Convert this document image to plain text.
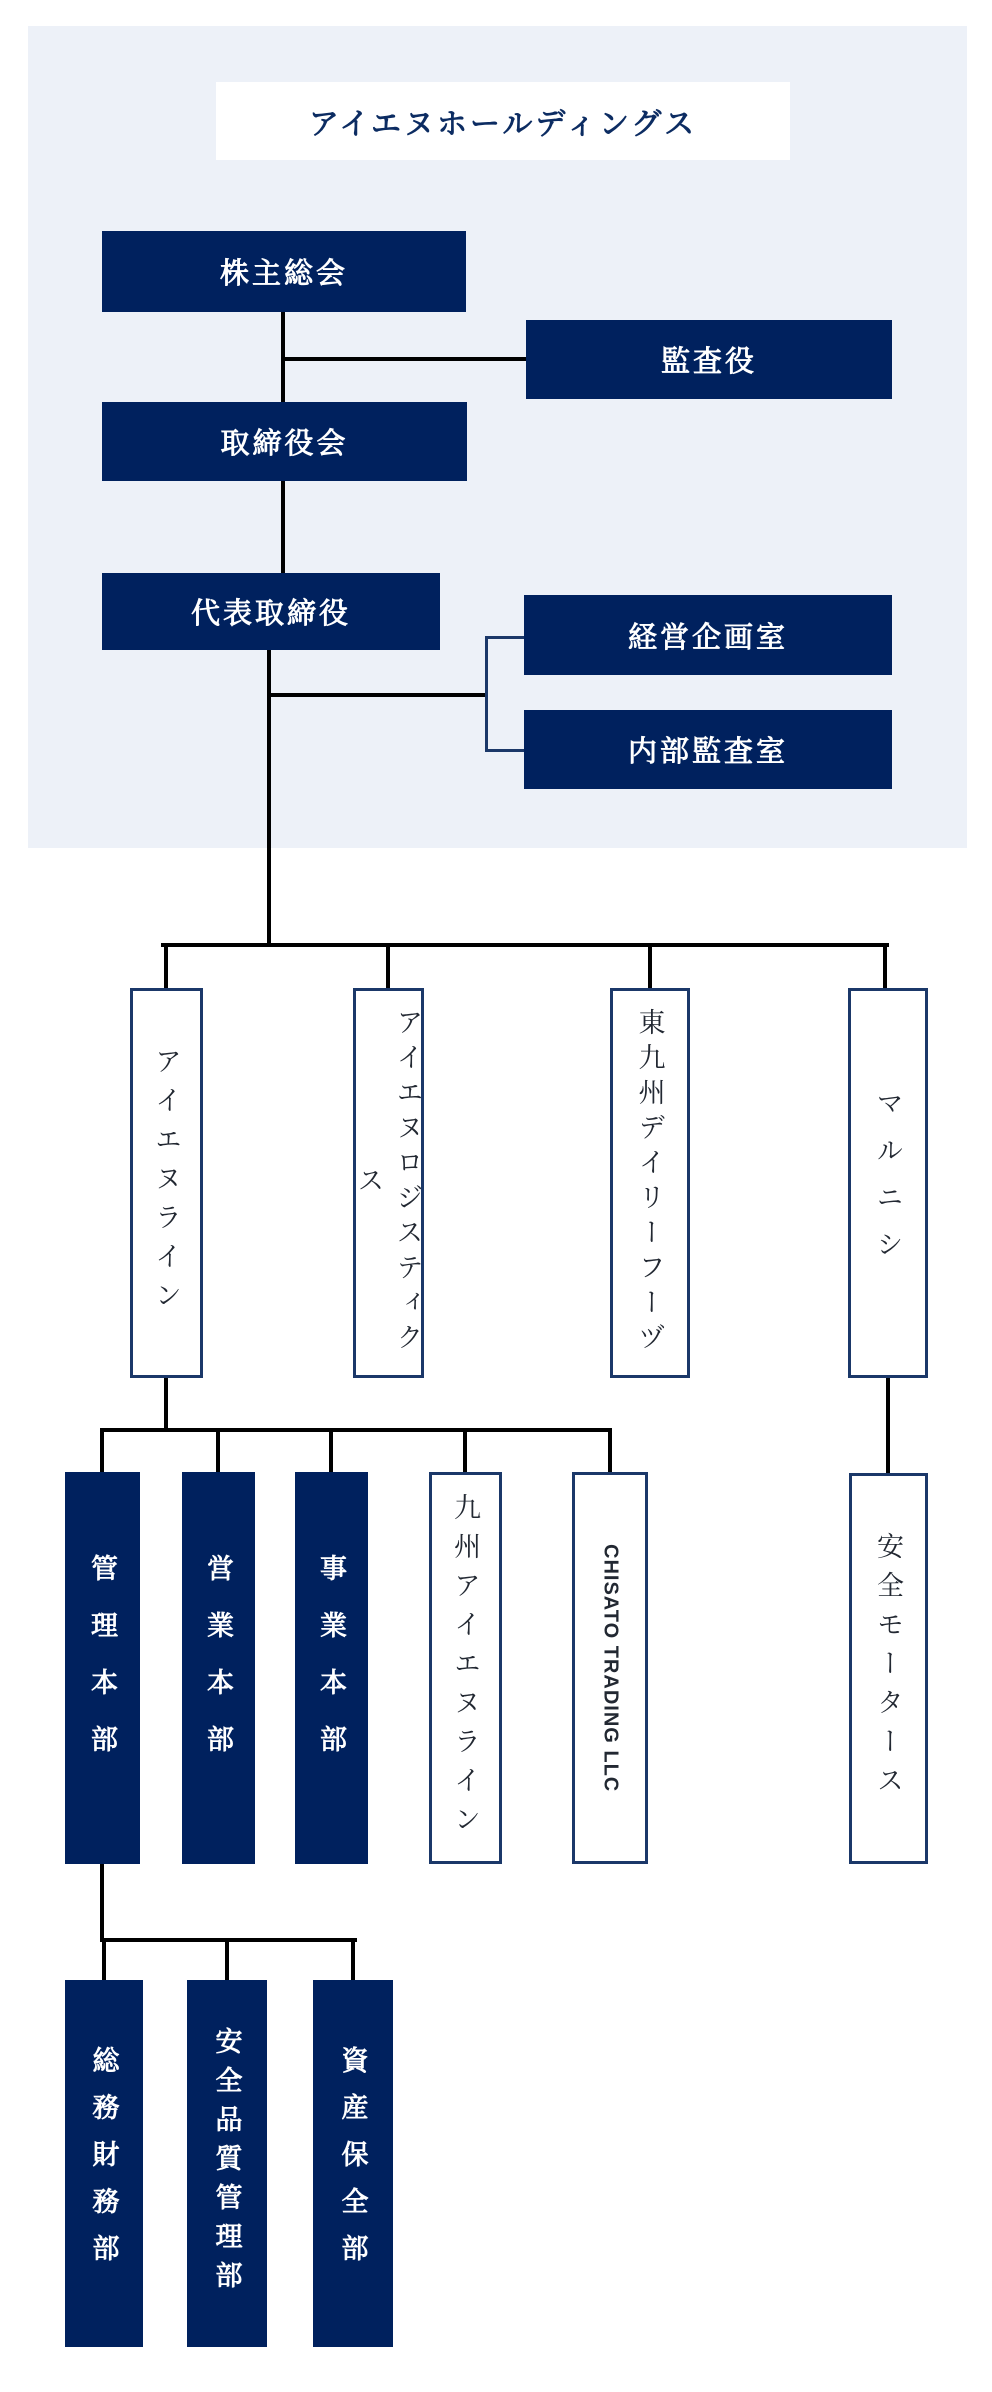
アイエヌホールディングス
株主総会
監査役
取締役会
代表取締役
経営企画室
内部監査室
アイエヌライン	アイエヌロジスティクス	東九州デイリーフーヅ	マルニシ
管理本部	営業本部	事業本部	九州アイエヌライン	CHISATO TRADING LLC	安全モータース
総務財務部	安全品質管理部	資産保全部
